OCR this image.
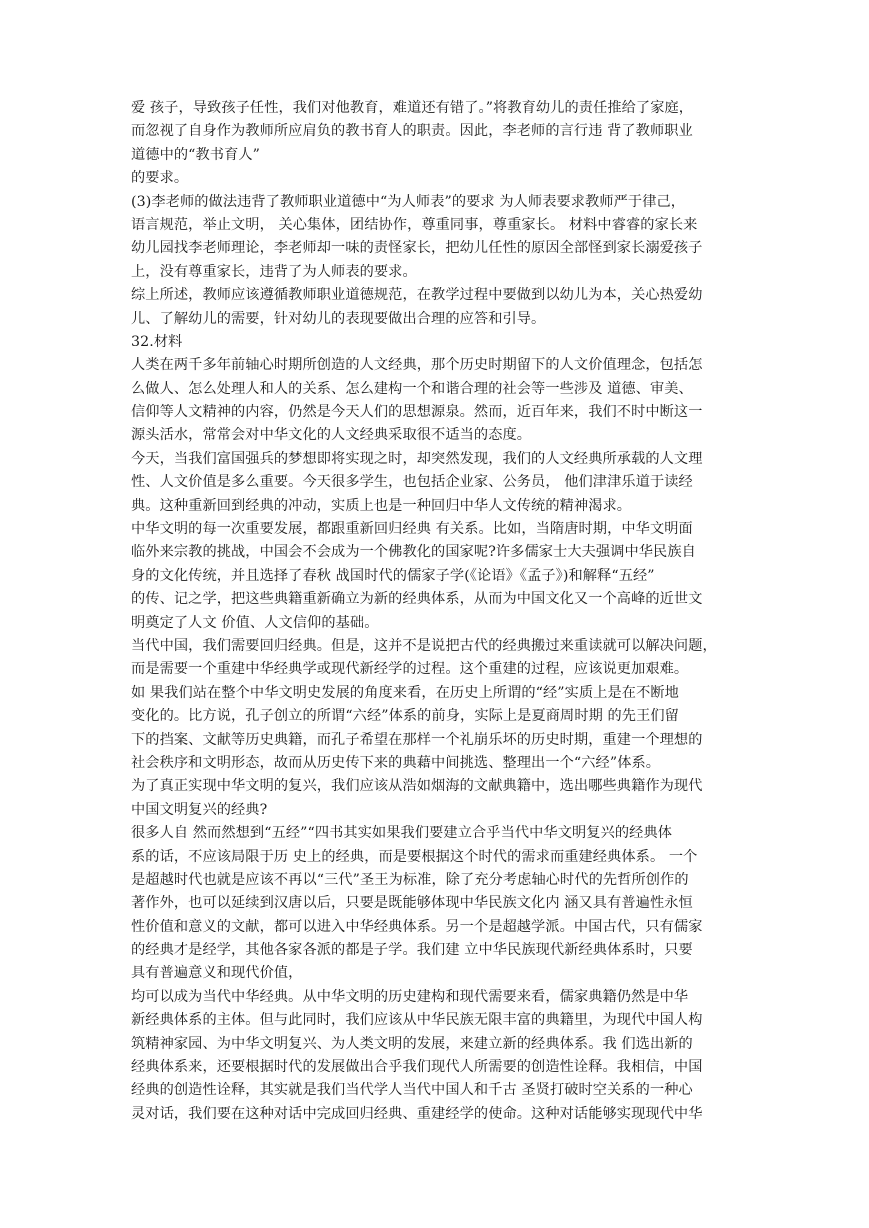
爱 孩子，导致孩子任性，我们对他教育，难道还有错了。”将教育幼儿的责任推给了家庭，
而忽视了自身作为教师所应肩负的教书育人的职责。因此，李老师的言行违 背了教师职业
道德中的“教书育人”
的要求。
(3)李老师的做法违背了教师职业道德中“为人师表”的要求 为人师表要求教师严于律己，
语言规范，举止文明， 关心集体，团结协作，尊重同事，尊重家长。 材料中睿睿的家长来
幼儿园找李老师理论，李老师却一味的责怪家长，把幼儿任性的原因全部怪到家长溺爱孩子
上，没有尊重家长，违背了为人师表的要求。
综上所述，教师应该遵循教师职业道德规范，在教学过程中要做到以幼儿为本，关心热爱幼
儿、了解幼儿的需要，针对幼儿的表现要做出合理的应答和引导。
32.材料
人类在两千多年前轴心时期所创造的人文经典，那个历史时期留下的人文价值理念，包括怎
么做人、怎么处理人和人的关系、怎么建构一个和谐合理的社会等一些涉及 道德、审美、
信仰等人文精神的内容，仍然是今天人们的思想源泉。然而，近百年来，我们不时中断这一
源头活水，常常会对中华文化的人文经典采取很不适当的态度。
今天，当我们富国强兵的梦想即将实现之时，却突然发现，我们的人文经典所承载的人文理
性、人文价值是多么重要。今天很多学生，也包括企业家、公务员， 他们津津乐道于读经
典。这种重新回到经典的冲动，实质上也是一种回归中华人文传统的精神渴求。
中华文明的每一次重要发展，都跟重新回归经典 有关系。比如，当隋唐时期，中华文明面
临外来宗教的挑战，中国会不会成为一个佛教化的国家呢?许多儒家士大夫强调中华民族自
身的文化传统，并且选择了春秋 战国时代的儒家子学(《论语》《孟子》)和解释“五经”
的传、记之学，把这些典籍重新确立为新的经典体系，从而为中国文化又一个高峰的近世文
明奠定了人文 价值、人文信仰的基础。
当代中国，我们需要回归经典。但是，这并不是说把古代的经典搬过来重读就可以解决问题，
而是需要一个重建中华经典学或现代新经学的过程。这个重建的过程，应该说更加艰难。
如 果我们站在整个中华文明史发展的角度来看，在历史上所谓的“经”实质上是在不断地
变化的。比方说，孔子创立的所谓“六经”体系的前身，实际上是夏商周时期 的先王们留
下的挡案、文献等历史典籍，而孔子希望在那样一个礼崩乐坏的历史时期，重建一个理想的
社会秩序和文明形态，故而从历史传下来的典藉中间挑选、整理出一个“六经”体系。
为了真正实现中华文明的复兴，我们应该从浩如烟海的文献典籍中，选出哪些典籍作为现代
中国文明复兴的经典?
很多人自 然而然想到“五经”“四书其实如果我们要建立合乎当代中华文明复兴的经典体
系的话，不应该局限于历 史上的经典，而是要根据这个时代的需求而重建经典体系。 一个
是超越时代也就是应该不再以“三代”圣王为标准，除了充分考虑轴心时代的先哲所创作的
著作外，也可以延续到汉唐以后，只要是既能够体现中华民族文化内 涵又具有普遍性永恒
性价值和意义的文献，都可以进入中华经典体系。另一个是超越学派。中国古代，只有儒家
的经典才是经学，其他各家各派的都是子学。我们建 立中华民族现代新经典体系时，只要
具有普遍意义和现代价值，
均可以成为当代中华经典。从中华文明的历史建构和现代需要来看，儒家典籍仍然是中华
新经典体系的主体。但与此同时，我们应该从中华民族无限丰富的典籍里，为现代中国人构
筑精神家园、为中华文明复兴、为人类文明的发展，来建立新的经典体系。我 们选出新的
经典体系来，还要根据时代的发展做出合乎我们现代人所需要的创造性诠释。我相信，中国
经典的创造性诠释，其实就是我们当代学人当代中国人和千古 圣贤打破时空关系的一种心
灵对话，我们要在这种对话中完成回归经典、重建经学的使命。这种对话能够实现现代中华
